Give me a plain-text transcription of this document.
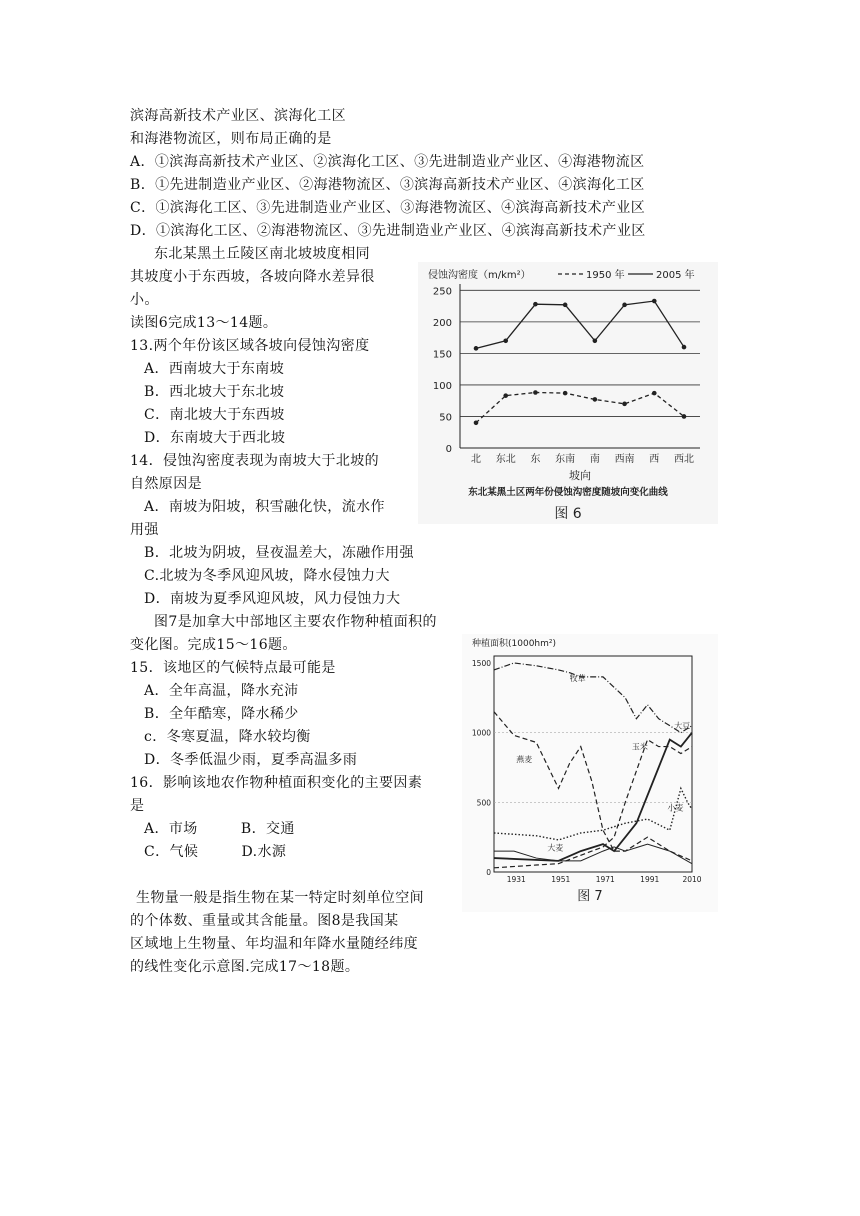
滨海高新技术产业区、滨海化工区
和海港物流区，则布局正确的是
A．①滨海高新技术产业区、②滨海化工区、③先进制造业产业区、④海港物流区
B．①先进制造业产业区、②海港物流区、③滨海高新技术产业区、④滨海化工区
C．①滨海化工区、③先进制造业产业区、③海港物流区、④滨海高新技术产业区
D．①滨海化工区、②海港物流区、③先进制造业产业区、④滨海高新技术产业区
东北某黑土丘陵区南北坡坡度相同
其坡度小于东西坡，各坡向降水差异很
小。
读图6完成13～14题。
13.两个年份该区域各坡向侵蚀沟密度
A．西南坡大于东南坡
B．西北坡大于东北坡
C．南北坡大于东西坡
D．东南坡大于西北坡
14．侵蚀沟密度表现为南坡大于北坡的
自然原因是
A．南坡为阳坡，积雪融化快，流水作
用强
B．北坡为阴坡，昼夜温差大，冻融作用强
C.北坡为冬季风迎风坡，降水侵蚀力大
D．南坡为夏季风迎风坡，风力侵蚀力大
图7是加拿大中部地区主要农作物种植面积的
变化图。完成15～16题。
15．该地区的气候特点最可能是
A．全年高温，降水充沛
B．全年酷寒，降水稀少
c．冬寒夏温，降水较均衡
D．冬季低温少雨，夏季高温多雨
16．影响该地农作物种植面积变化的主要因素
是
A．市场　　　B．交通
C．气候　　　D.水源
生物量一般是指生物在某一特定时刻单位空间
的个体数、重量或其含能量。图8是我国某
区域地上生物量、年均温和年降水量随经纬度
的线性变化示意图.完成17～18题。
侵蚀沟密度（m/km²）	1950 年	2005 年
0
50
100
150
200
250
北 东北 东 东南 南 西南 西 西北
坡向
东北某黑土区两年份侵蚀沟密度随坡向变化曲线
图 6
种植面积(1000hm²)
0
500
1000
1500
1931	1951	1971	1991	2010
图 7
牧草
燕麦
玉米
大豆
小麦
大麦
